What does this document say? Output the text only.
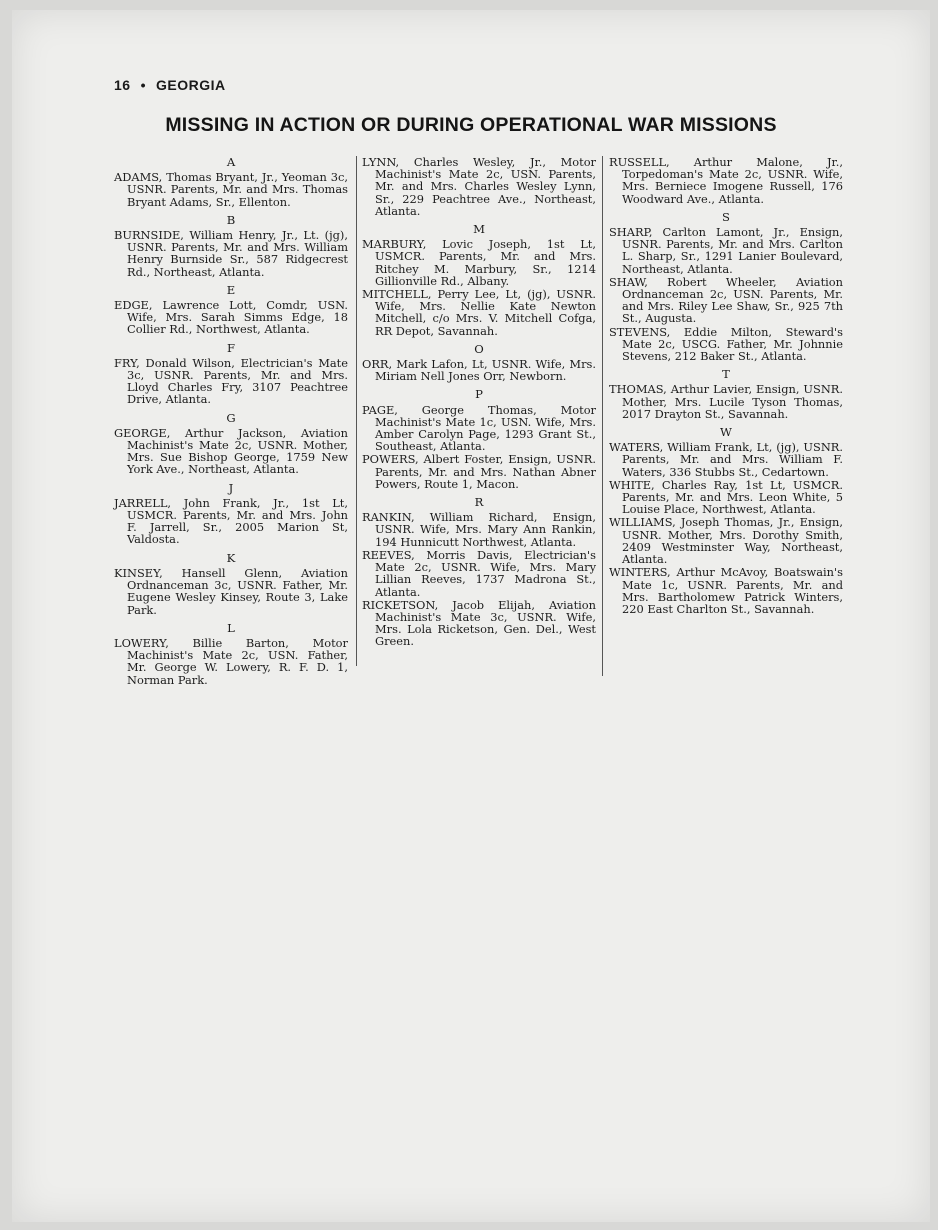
16 • GEORGIA
MISSING IN ACTION OR DURING OPERATIONAL WAR MISSIONS
A

ADAMS, Thomas Bryant, Jr., Yeoman 3c, USNR. Parents, Mr. and Mrs. Thomas Bryant Adams, Sr., Ellenton.

B

BURNSIDE, William Henry, Jr., Lt. (jg), USNR. Parents, Mr. and Mrs. William Henry Burnside Sr., 587 Ridgecrest Rd., Northeast, Atlanta.

E

EDGE, Lawrence Lott, Comdr, USN. Wife, Mrs. Sarah Simms Edge, 18 Collier Rd., Northwest, Atlanta.

F

FRY, Donald Wilson, Electrician's Mate 3c, USNR. Parents, Mr. and Mrs. Lloyd Charles Fry, 3107 Peachtree Drive, Atlanta.

G

GEORGE, Arthur Jackson, Aviation Machinist's Mate 2c, USNR. Mother, Mrs. Sue Bishop George, 1759 New York Ave., Northeast, Atlanta.

J

JARRELL, John Frank, Jr., 1st Lt, USMCR. Parents, Mr. and Mrs. John F. Jarrell, Sr., 2005 Marion St, Valdosta.

K

KINSEY, Hansell Glenn, Aviation Ordnanceman 3c, USNR. Father, Mr. Eugene Wesley Kinsey, Route 3, Lake Park.

L

LOWERY, Billie Barton, Motor Machinist's Mate 2c, USN. Father, Mr. George W. Lowery, R. F. D. 1, Norman Park.

LYNN, Charles Wesley, Jr., Motor Machinist's Mate 2c, USN. Parents, Mr. and Mrs. Charles Wesley Lynn, Sr., 229 Peachtree Ave., Northeast, Atlanta.

M

MARBURY, Lovic Joseph, 1st Lt, USMCR. Parents, Mr. and Mrs. Ritchey M. Marbury, Sr., 1214 Gillionville Rd., Albany.

MITCHELL, Perry Lee, Lt, (jg), USNR. Wife, Mrs. Nellie Kate Newton Mitchell, c/o Mrs. V. Mitchell Cofga, RR Depot, Savannah.

O

ORR, Mark Lafon, Lt, USNR. Wife, Mrs. Miriam Nell Jones Orr, Newborn.

P

PAGE, George Thomas, Motor Machinist's Mate 1c, USN. Wife, Mrs. Amber Carolyn Page, 1293 Grant St., Southeast, Atlanta.

POWERS, Albert Foster, Ensign, USNR. Parents, Mr. and Mrs. Nathan Abner Powers, Route 1, Macon.

R

RANKIN, William Richard, Ensign, USNR. Wife, Mrs. Mary Ann Rankin, 194 Hunnicutt Northwest, Atlanta.

REEVES, Morris Davis, Electrician's Mate 2c, USNR. Wife, Mrs. Mary Lillian Reeves, 1737 Madrona St., Atlanta.

RICKETSON, Jacob Elijah, Aviation Machinist's Mate 3c, USNR. Wife, Mrs. Lola Ricketson, Gen. Del., West Green.

RUSSELL, Arthur Malone, Jr., Torpedoman's Mate 2c, USNR. Wife, Mrs. Berniece Imogene Russell, 176 Woodward Ave., Atlanta.

S

SHARP, Carlton Lamont, Jr., Ensign, USNR. Parents, Mr. and Mrs. Carlton L. Sharp, Sr., 1291 Lanier Boulevard, Northeast, Atlanta.

SHAW, Robert Wheeler, Aviation Ordnanceman 2c, USN. Parents, Mr. and Mrs. Riley Lee Shaw, Sr., 925 7th St., Augusta.

STEVENS, Eddie Milton, Steward's Mate 2c, USCG. Father, Mr. Johnnie Stevens, 212 Baker St., Atlanta.

T

THOMAS, Arthur Lavier, Ensign, USNR. Mother, Mrs. Lucile Tyson Thomas, 2017 Drayton St., Savannah.

W

WATERS, William Frank, Lt, (jg), USNR. Parents, Mr. and Mrs. William F. Waters, 336 Stubbs St., Cedartown.

WHITE, Charles Ray, 1st Lt, USMCR. Parents, Mr. and Mrs. Leon White, 5 Louise Place, Northwest, Atlanta.

WILLIAMS, Joseph Thomas, Jr., Ensign, USNR. Mother, Mrs. Dorothy Smith, 2409 Westminster Way, Northeast, Atlanta.

WINTERS, Arthur McAvoy, Boatswain's Mate 1c, USNR. Parents, Mr. and Mrs. Bartholomew Patrick Winters, 220 East Charlton St., Savannah.
